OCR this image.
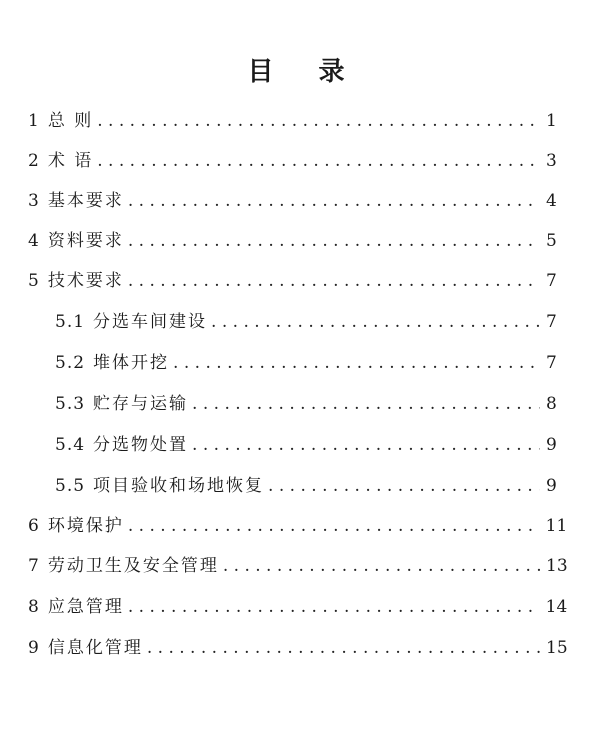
目 录
1 总 则 . . .	1
2 术 语 . . .	3
3 基本要求 . . .	4
4 资料要求 . . .	5
5 技术要求 . . .	7
5.1 分选车间建设 . . .	7
5.2 堆体开挖 . . .	7
5.3 贮存与运输 . . .	8
5.4 分选物处置 . . .	9
5.5 项目验收和场地恢复 . . .	9
6 环境保护 . . .	11
7 劳动卫生及安全管理 . . .	13
8 应急管理 . . .	14
9 信息化管理 . . .	15
